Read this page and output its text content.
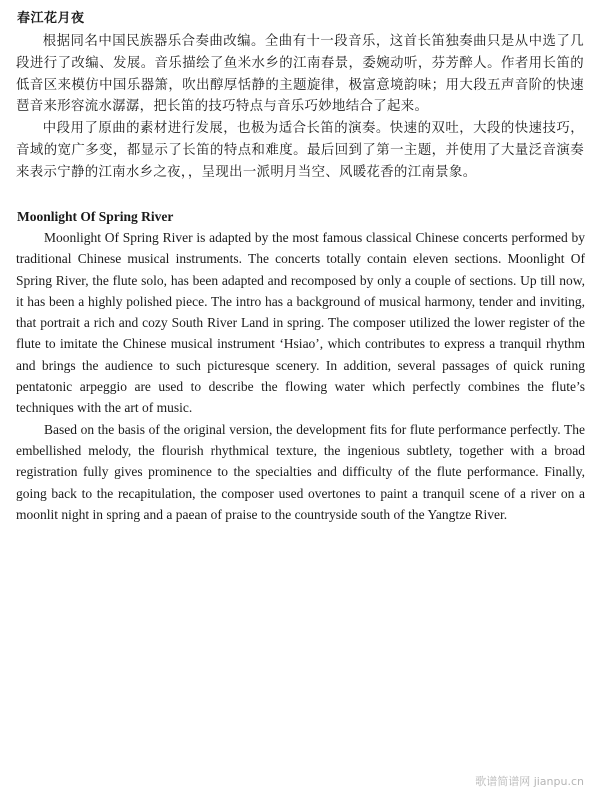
春江花月夜

根据同名中国民族器乐合奏曲改编。全曲有十一段音乐，这首长笛独奏曲只是从中选了几段进行了改编、发展。音乐描绘了鱼米水乡的江南春景，委婉动听，芬芳醉人。作者用长笛的低音区来模仿中国乐器箫，吹出醇厚恬静的主题旋律，极富意境韵味；用大段五声音阶的快速琶音来形容流水潺潺，把长笛的技巧特点与音乐巧妙地结合了起来。

中段用了原曲的素材进行发展，也极为适合长笛的演奏。快速的双吐，大段的快速技巧，音域的宽广多变，都显示了长笛的特点和难度。最后回到了第一主题，并使用了大量泛音演奏来表示宁静的江南水乡之夜，，呈现出一派明月当空、风暖花香的江南景象。

Moonlight Of Spring River

Moonlight Of Spring River is adapted by the most famous classical Chinese concerts performed by traditional Chinese musical instruments. The concerts totally contain eleven sections. Moonlight Of Spring River, the flute solo, has been adapted and recomposed by only a couple of sections. Up till now, it has been a highly polished piece. The intro has a background of musical harmony, tender and inviting, that portrait a rich and cozy South River Land in spring. The composer utilized the lower register of the flute to imitate the Chinese musical instrument ‘Hsiao’, which contributes to express a tranquil rhythm and brings the audience to such picturesque scenery. In addition, several passages of quick runing pentatonic arpeggio are used to describe the flowing water which perfectly combines the flute’s techniques with the art of music.

Based on the basis of the original version, the development fits for flute performance perfectly. The embellished melody, the flourish rhythmical texture, the ingenious subtlety, together with a broad registration fully gives prominence to the specialties and difficulty of the flute performance. Finally, going back to the recapitulation, the composer used overtones to paint a tranquil scene of a river on a moonlit night in spring and a paean of praise to the countryside south of the Yangtze River.

歌谱简谱网 jianpu.cn
